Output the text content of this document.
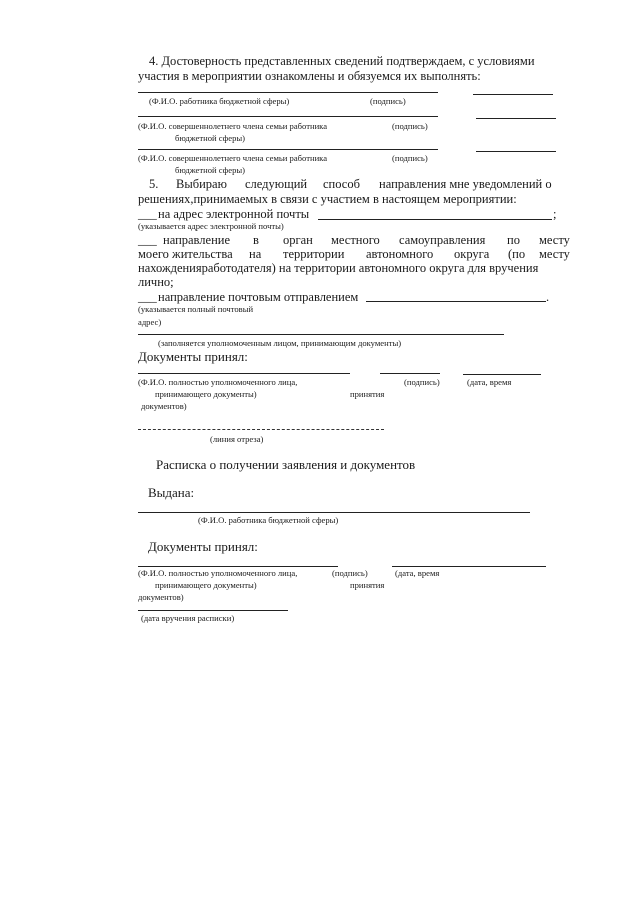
4. Достоверность представленных сведений подтверждаем, с условиями
участия в мероприятии ознакомлены и обязуемся их выполнять:
(Ф.И.О. работника бюджетной сферы)	(подпись)
(Ф.И.О. совершеннолетнего члена семьи работника	(подпись)
бюджетной сферы)
(Ф.И.О. совершеннолетнего члена семьи работника	(подпись)
бюджетной сферы)
5. Выбираю следующий способ направления мне уведомлений о
решениях,принимаемых в связи с участием в настоящем мероприятии:
___ на адрес электронной почты	;
(указывается адрес электронной почты)
___ направление в орган местного самоуправления по месту
моего жительства на территории автономного округа (по месту
нахожденияработодателя) на территории автономного округа для вручения
лично;
___ направление почтовым отправлением	.
(указывается полный почтовый
адрес)
(заполняется уполномоченным лицом, принимающим документы)
Документы принял:
(Ф.И.О. полностью уполномоченного лица,	(подпись)	(дата, время
принимающего документы)	принятия
документов)
(линия отреза)
Расписка о получении заявления и документов
Выдана:
(Ф.И.О. работника бюджетной сферы)
Документы принял:
(Ф.И.О. полностью уполномоченного лица,	(подпись)	(дата, время
принимающего документы)	принятия
документов)
(дата вручения расписки)
